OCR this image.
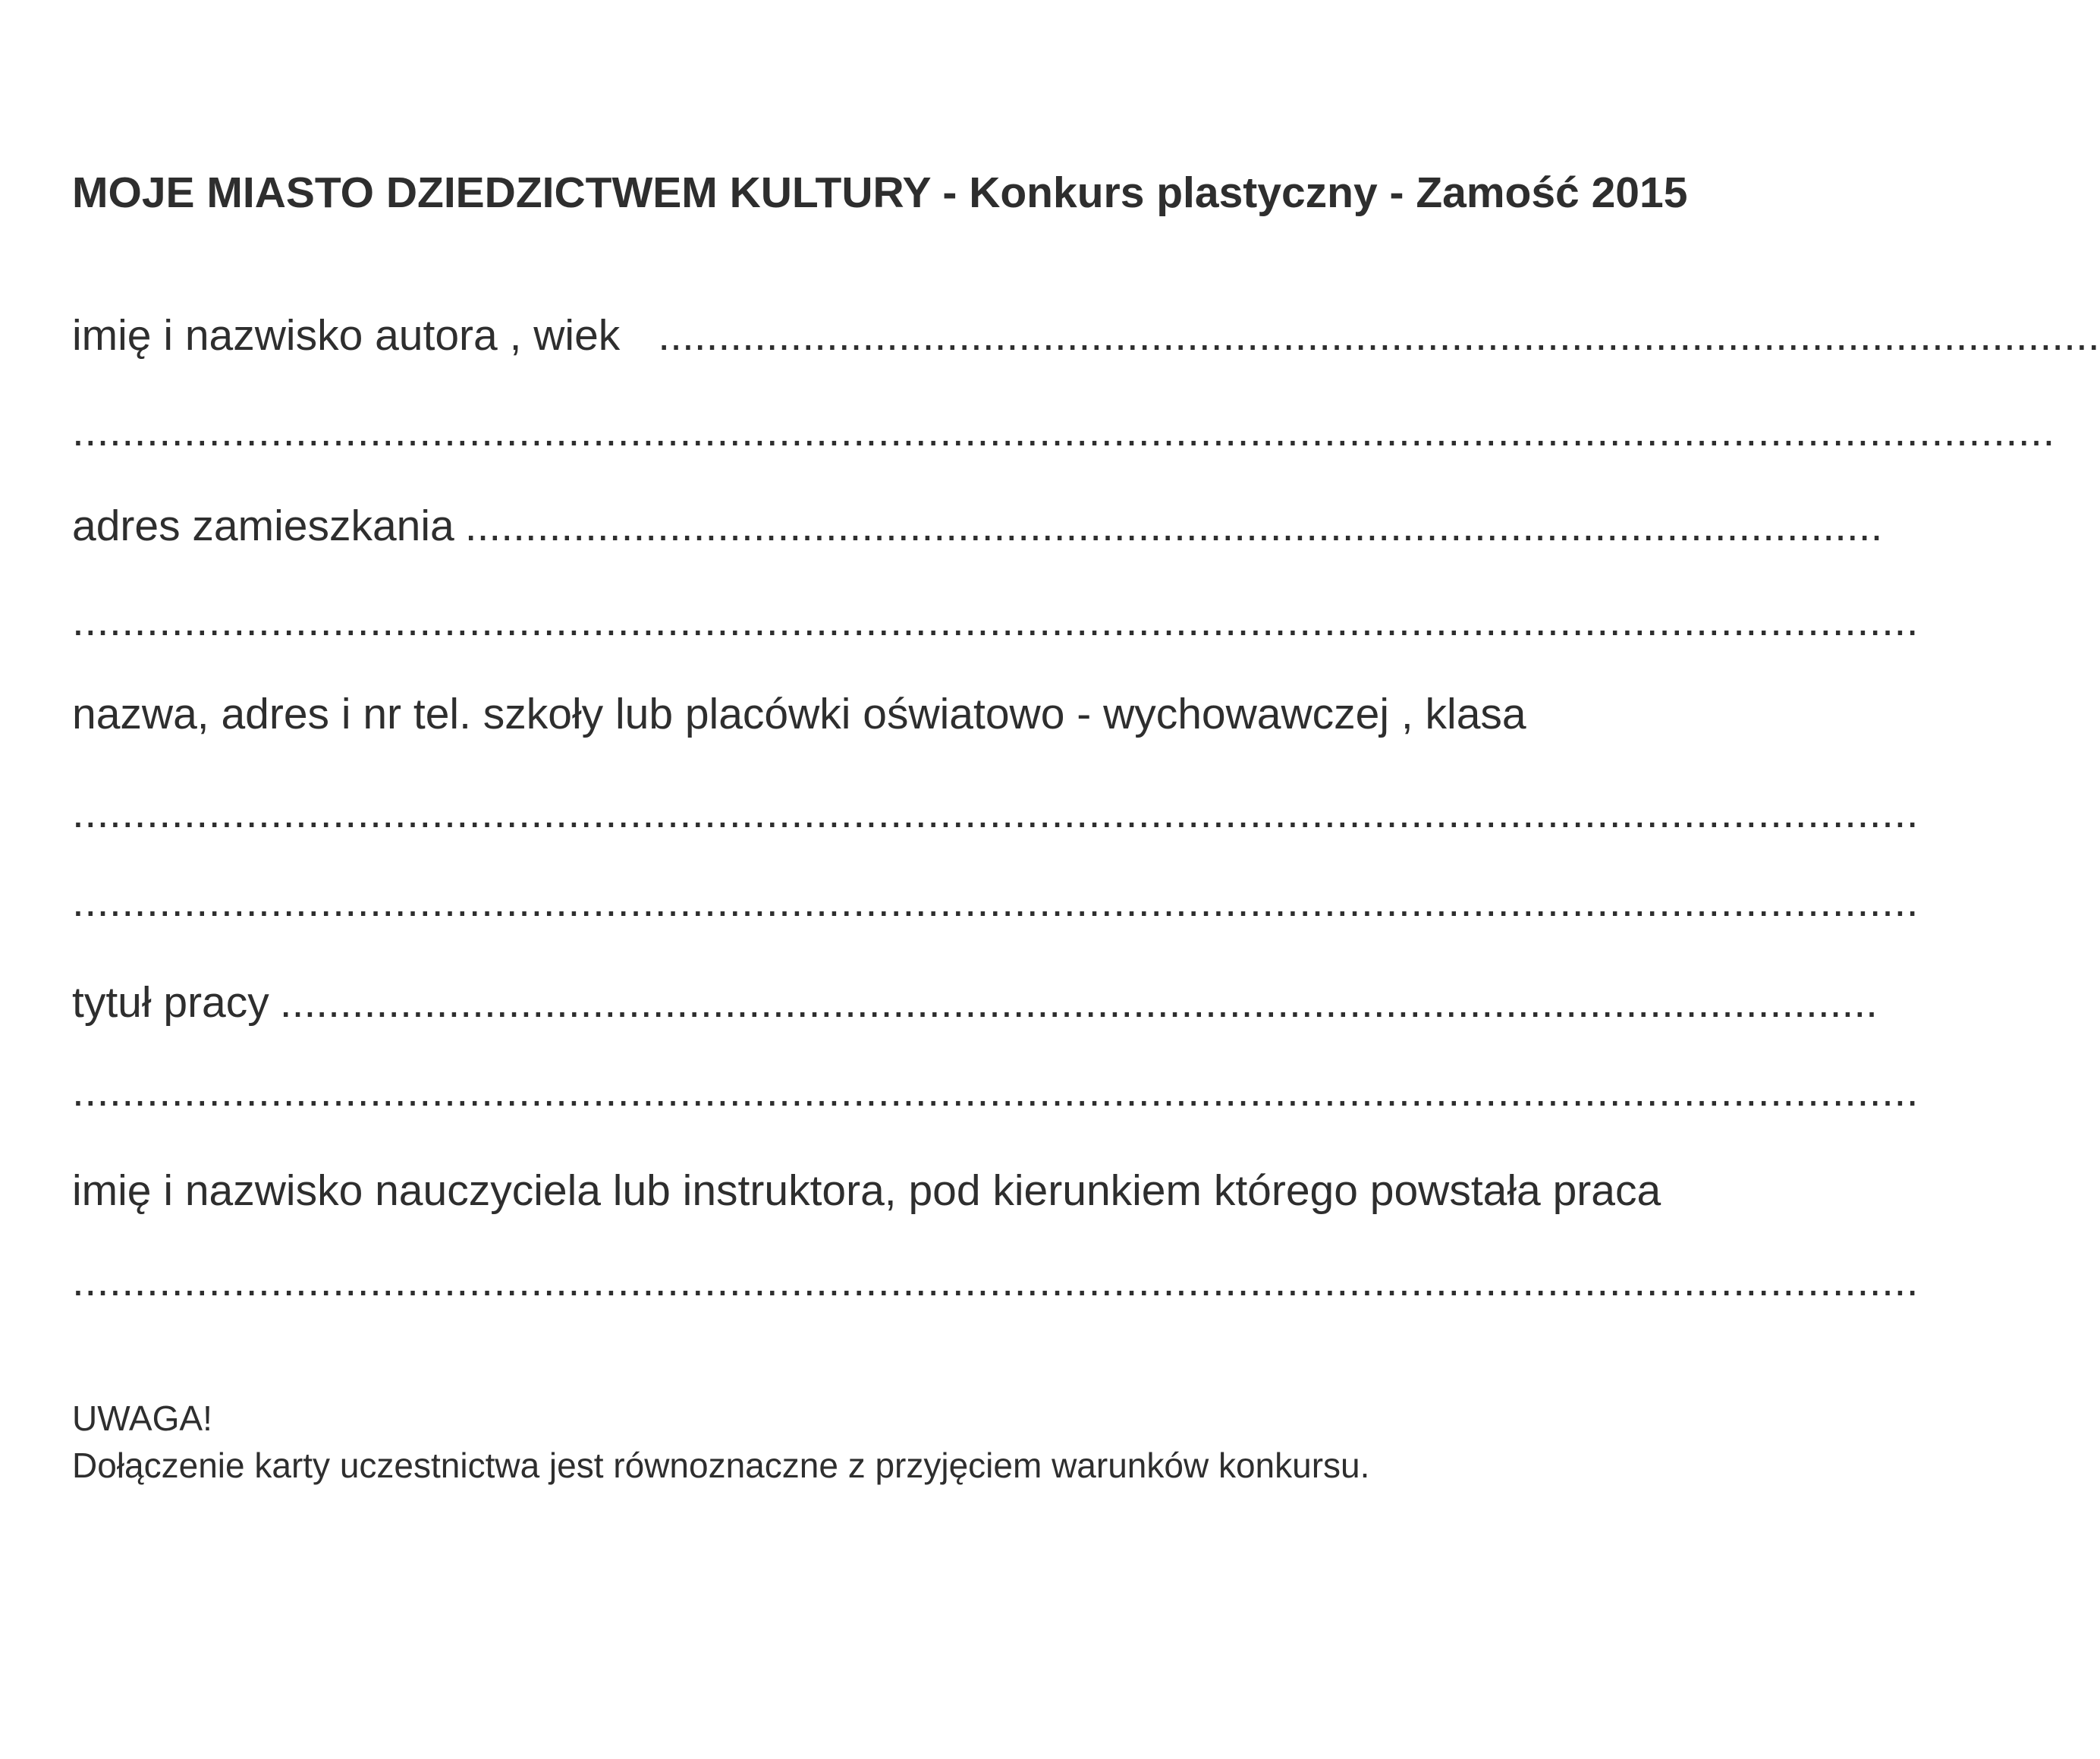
MOJE MIASTO DZIEDZICTWEM KULTURY - Konkurs plastyczny - Zamość 2015
imię i nazwisko autora , wiek ........................................................................................................................
................................................................................................................................................................
adres zamieszkania ......................................................................................................................
.....................................................................................................................................................
nazwa, adres i nr tel. szkoły lub placówki oświatowo - wychowawczej , klasa
.....................................................................................................................................................
.....................................................................................................................................................
tytuł pracy .....................................................................................................................................
.....................................................................................................................................................
imię i nazwisko nauczyciela lub instruktora, pod kierunkiem którego powstała praca
.....................................................................................................................................................
UWAGA!
Dołączenie karty uczestnictwa jest równoznaczne z przyjęciem warunków konkursu.
